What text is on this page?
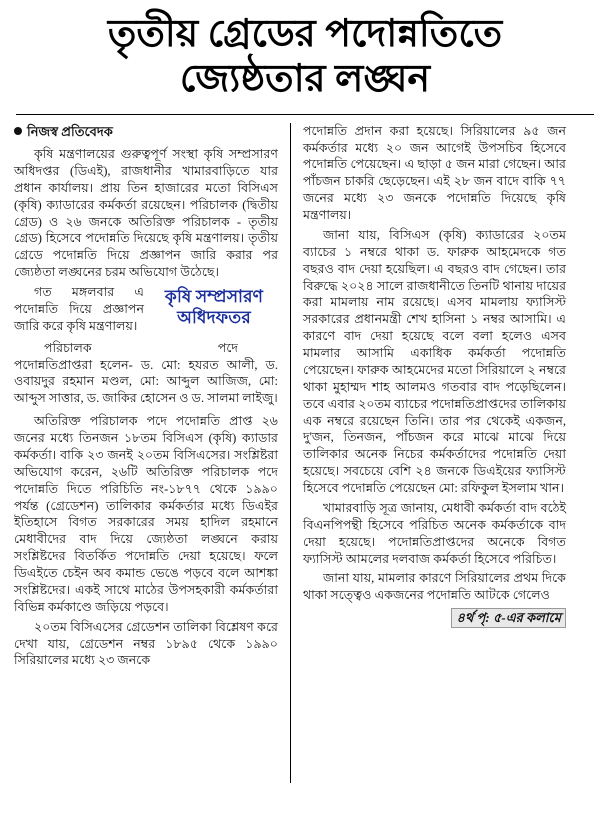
তৃতীয় গ্রেডের পদোন্নতিতে
জ্যেষ্ঠতার লঙ্ঘন
নিজস্ব প্রতিবেদক

কৃষি মন্ত্রণালয়ের গুরুত্বপূর্ণ সংস্থা কৃষি সম্প্রসারণ অধিদপ্তর (ডিএই), রাজধানীর খামারবাড়িতে যার প্রধান কার্যালয়। প্রায় তিন হাজারের মতো বিসিএস (কৃষি) ক্যাডারের কর্মকর্তা রয়েছেন। পরিচালক (দ্বিতীয় গ্রেড) ও ২৬ জনকে অতিরিক্ত পরিচালক - তৃতীয় গ্রেড) হিসেবে পদোন্নতি দিয়েছে কৃষি মন্ত্রণালয়। তৃতীয় গ্রেডে পদোন্নতি দিয়ে প্রজ্ঞাপন জারি করার পর জ্যেষ্ঠতা লঙ্ঘনের চরম অভিযোগ উঠেছে।

কৃষি সম্প্রসারণ
অধিদফতর

গত মঙ্গলবার এ পদোন্নতি দিয়ে প্রজ্ঞাপন জারি করে কৃষি মন্ত্রণালয়।

পরিচালক	পদে

পদোন্নতিপ্রাপ্তরা হলেন- ড. মো: হযরত আলী, ড. ওবায়দুর রহমান মণ্ডল, মো: আব্দুল আজিজ, মো: আব্দুস সাত্তার, ড. জাকির হোসেন ও ড. সালমা লাইজু।

অতিরিক্ত পরিচালক পদে পদোন্নতি প্রাপ্ত ২৬ জনের মধ্যে তিনজন ১৮তম বিসিএস (কৃষি) ক্যাডার কর্মকর্তা। বাকি ২৩ জনই ২০তম বিসিএসের। সংশ্লিষ্টরা অভিযোগ করেন, ২৬টি অতিরিক্ত পরিচালক পদে পদোন্নতি দিতে পরিচিতি নং-১৮৭৭ থেকে ১৯৯০ পর্যন্ত (গ্রেডেশন) তালিকার কর্মকর্তার মধ্যে ডিএইর ইতিহাসে বিগত সরকারের সময় হাদিল রহমানে মেধাবীদের বাদ দিয়ে জ্যেষ্ঠতা লঙ্ঘনে করায় সংশ্লিষ্টদের বিতর্কিত পদোন্নতি দেয়া হয়েছে। ফলে ডিএইতে চেইন অব কমান্ড ভেঙে পড়বে বলে আশঙ্কা সংশ্লিষ্টদের। একই সাথে মাঠের উপসহকারী কর্মকর্তারা বিভিন্ন কর্মকাণ্ডে জড়িয়ে পড়বে।

২০তম বিসিএসের গ্রেডেশন তালিকা বিশ্লেষণ করে দেখা যায়, গ্রেডেশন নম্বর ১৮৯৫ থেকে ১৯৯০ সিরিয়ালের মধ্যে ২৩ জনকে

পদোন্নতি প্রদান করা হয়েছে। সিরিয়ালের ৯৫ জন কর্মকর্তার মধ্যে ২০ জন আগেই উপসচিব হিসেবে পদোন্নতি পেয়েছেন। এ ছাড়া ৫ জন মারা গেছেন। আর পাঁচজন চাকরি ছেড়েছেন। এই ২৮ জন বাদে বাকি ৭৭ জনের মধ্যে ২৩ জনকে পদোন্নতি দিয়েছে কৃষি মন্ত্রণালয়।

জানা যায়, বিসিএস (কৃষি) ক্যাডারের ২০তম ব্যাচের ১ নম্বরে থাকা ড. ফারুক আহমেদকে গত বছরও বাদ দেয়া হয়েছিল। এ বছরও বাদ গেছেন। তার বিরুদ্ধে ২০২৪ সালে রাজধানীতে তিনটি থানায় দায়ের করা মামলায় নাম রয়েছে। এসব মামলায় ফ্যাসিস্ট সরকারের প্রধানমন্ত্রী শেখ হাসিনা ১ নম্বর আসামি। এ কারণে বাদ দেয়া হয়েছে বলে বলা হলেও এসব মামলার আসামি একাধিক কর্মকর্তা পদোন্নতি পেয়েছেন। ফারুক আহমেদের মতো সিরিয়ালে ২ নম্বরে থাকা মুহাম্মদ শাহ আলমও গতবার বাদ পড়েছিলেন। তবে এবার ২০তম ব্যাচের পদোন্নতিপ্রাপ্তদের তালিকায় এক নম্বরে রয়েছেন তিনি। তার পর থেকেই একজন, দু'জন, তিনজন, পাঁচজন করে মাঝে মাঝে দিয়ে তালিকার অনেক নিচের কর্মকর্তাদের পদোন্নতি দেয়া হয়েছে। সবচেয়ে বেশি ২৪ জনকে ডিএইয়ের ফ্যাসিস্ট হিসেবে পদোন্নতি পেয়েছেন মো: রফিকুল ইসলাম খান।

খামারবাড়ি সূত্র জানায়, মেধাবী কর্মকর্তা বাদ বঠেই বিএনপিপন্থী হিসেবে পরিচিত অনেক কর্মকর্তাকে বাদ দেয়া হয়েছে। পদোন্নতিপ্রাপ্তদের অনেকে বিগত ফ্যাসিস্ট আমলের দলবাজ কর্মকর্তা হিসেবে পরিচিত।

জানা যায়, মামলার কারণে সিরিয়ালের প্রথম দিকে থাকা সত্ত্বেও একজনের পদোন্নতি আটকে গেলেও

৪র্থ পৃ: ৫-এর কলামে
